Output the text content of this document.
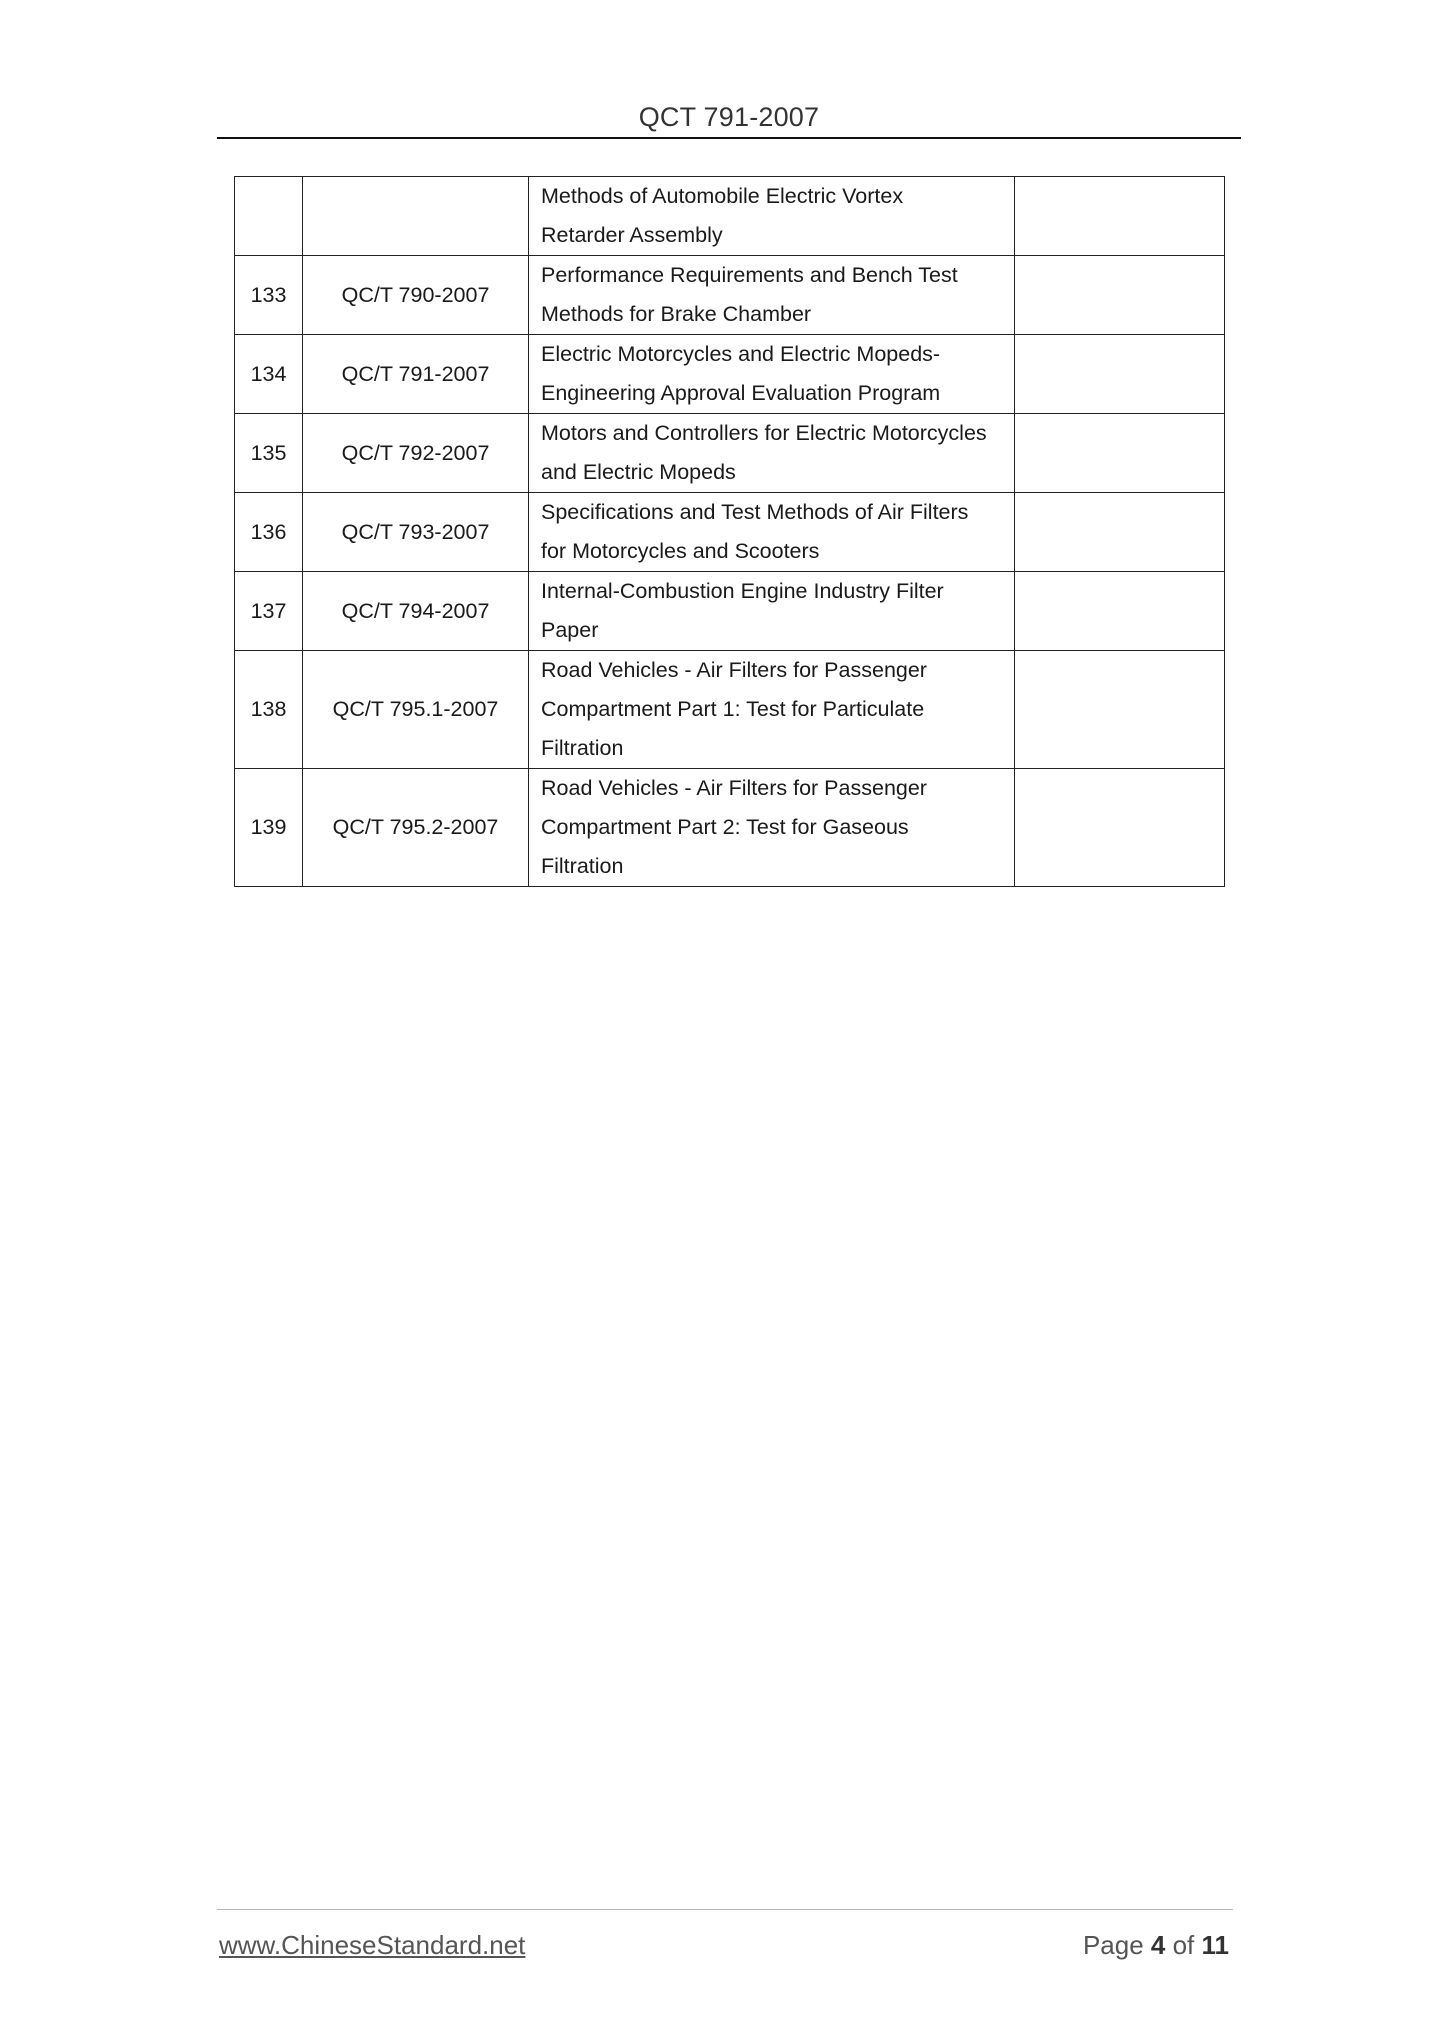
QCT 791-2007

		Methods of Automobile Electric Vortex
Retarder Assembly	

133	QC/T 790-2007	Performance Requirements and Bench Test
Methods for Brake Chamber	

134	QC/T 791-2007	Electric Motorcycles and Electric Mopeds-
Engineering Approval Evaluation Program	

135	QC/T 792-2007	Motors and Controllers for Electric Motorcycles
and Electric Mopeds	

136	QC/T 793-2007	Specifications and Test Methods of Air Filters
for Motorcycles and Scooters	

137	QC/T 794-2007	Internal-Combustion Engine Industry Filter
Paper	

138	QC/T 795.1-2007	Road Vehicles - Air Filters for Passenger
Compartment Part 1: Test for Particulate
Filtration	

139	QC/T 795.2-2007	Road Vehicles - Air Filters for Passenger
Compartment Part 2: Test for Gaseous
Filtration	

www.ChineseStandard.net	Page 4 of 11
